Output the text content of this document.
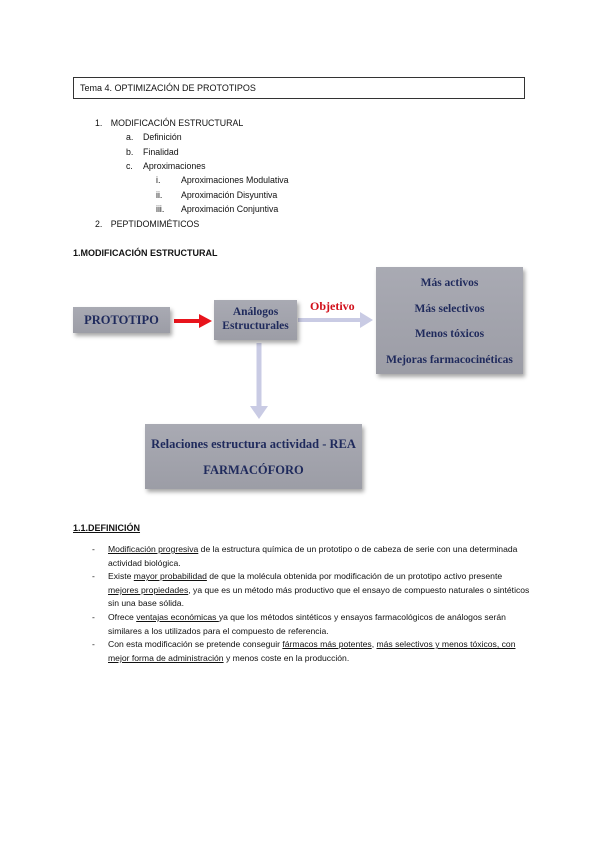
Tema 4. OPTIMIZACIÓN DE PROTOTIPOS
1. MODIFICACIÓN ESTRUCTURAL
a. Definición
b. Finalidad
c. Aproximaciones
i. Aproximaciones Modulativa
ii. Aproximación Disyuntiva
iii. Aproximación Conjuntiva
2. PEPTIDOMIMÉTICOS
1.MODIFICACIÓN ESTRUCTURAL
PROTOTIPO
Análogos
Estructurales
Objetivo
Más activos
Más selectivos
Menos tóxicos
Mejoras farmacocinéticas
Relaciones estructura actividad - REA
FARMACÓFORO
1.1.DEFINICIÓN
- Modificación progresiva de la estructura química de un prototipo o de cabeza de serie con una determinada actividad biológica.
- Existe mayor probabilidad de que la molécula obtenida por modificación de un prototipo activo presente mejores propiedades, ya que es un método más productivo que el ensayo de compuesto naturales o sintéticos sin una base sólida.
- Ofrece ventajas económicas ya que los métodos sintéticos y ensayos farmacológicos de análogos serán similares a los utilizados para el compuesto de referencia.
- Con esta modificación se pretende conseguir fármacos más potentes, más selectivos y menos tóxicos, con mejor forma de administración y menos coste en la producción.
